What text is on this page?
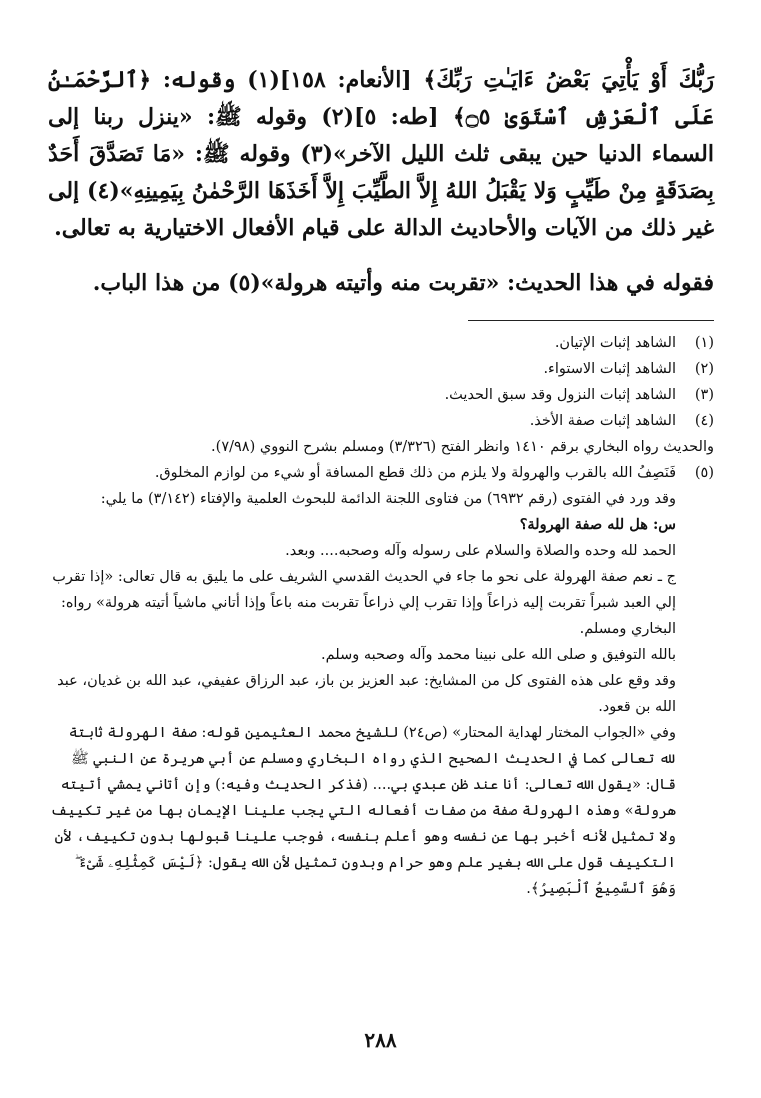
رَبُّكَ أَوْ يَأْتِيَ بَعْضُ ءَايَـٰتِ رَبِّكَ﴾ [الأنعام: ١٥٨](١) وقوله: ﴿ٱلرَّحْمَـٰنُ عَلَى ٱلْعَرْشِ ٱسْتَوَىٰ ۝٥﴾ [طه: ٥](٢) وقوله ﷺ: «ينزل ربنا إلى السماء الدنيا حين يبقى ثلث الليل الآخر»(٣) وقوله ﷺ: «مَا تَصَدَّقَ أَحَدٌ بِصَدَقَةٍ مِنْ طَيِّبٍ وَلا يَقْبَلُ اللهُ إِلاَّ الطَّيِّبَ إِلاَّ أَخَذَهَا الرَّحْمٰنُ بِيَمِينِهِ»(٤) إلى غير ذلك من الآيات والأحاديث الدالة على قيام الأفعال الاختيارية به تعالى.

فقوله في هذا الحديث: «تقربت منه وأتيته هرولة»(٥) من هذا الباب.

(١)

الشاهد إثبات الإتيان.

(٢)

الشاهد إثبات الاستواء.

(٣)

الشاهد إثبات النزول وقد سبق الحديث.

(٤)

الشاهد إثبات صفة الأخذ.

والحديث رواه البخاري برقم ١٤١٠ وانظر الفتح (٣/٣٢٦) ومسلم بشرح النووي (٧/٩٨).

(٥)

فَنَصِفُ الله بالقرب والهرولة ولا يلزم من ذلك قطع المسافة أو شيء من لوازم المخلوق.

وقد ورد في الفتوى (رقم ٦٩٣٢) من فتاوى اللجنة الدائمة للبحوث العلمية والإفتاء (٣/١٤٢) ما يلي:

س: هل لله صفة الهرولة؟

الحمد لله وحده والصلاة والسلام على رسوله وآله وصحبه.... وبعد.

ج ـ نعم صفة الهرولة على نحو ما جاء في الحديث القدسي الشريف على ما يليق به قال تعالى: «إذا تقرب إلي العبد شبراً تقربت إليه ذراعاً وإذا تقرب إلي ذراعاً تقربت منه باعاً وإذا أتاني ماشياً أتيته هرولة» رواه: البخاري ومسلم.

بالله التوفيق و صلى الله على نبينا محمد وآله وصحبه وسلم.

وقد وقع على هذه الفتوى كل من المشايخ: عبد العزيز بن باز، عبد الرزاق عفيفي، عبد الله بن غديان، عبد الله بن قعود.

وفي «الجواب المختار لهداية المحتار» (ص٢٤) للشيخ محمد العثيمين قوله: صفة الهرولة ثابتة لله تعالى كما في الحديث الصحيح الذي رواه البخاري ومسلم عن أبي هريرة عن النبي ﷺ قال: «يقول الله تعالى: أنا عند ظن عبدي بي.... (فذكر الحديث وفيه:) وإن أتاني يمشي أتيته هرولة» وهذه الهرولة صفة من صفات أفعاله التي يجب علينا الإيمان بها من غير تكييف ولا تمثيل لأنه أخبر بها عن نفسه وهو أعلم بنفسه، فوجب علينا قبولها بدون تكييف، لأن التكييف قول على الله بغير علم وهو حرام وبدون تمثيل لأن الله يقول: ﴿لَيْسَ كَمِثْلِهِۦ شَىْءٌ ۖ وَهُوَ ٱلسَّمِيعُ ٱلْبَصِيرُ﴾.

٢٨٨
